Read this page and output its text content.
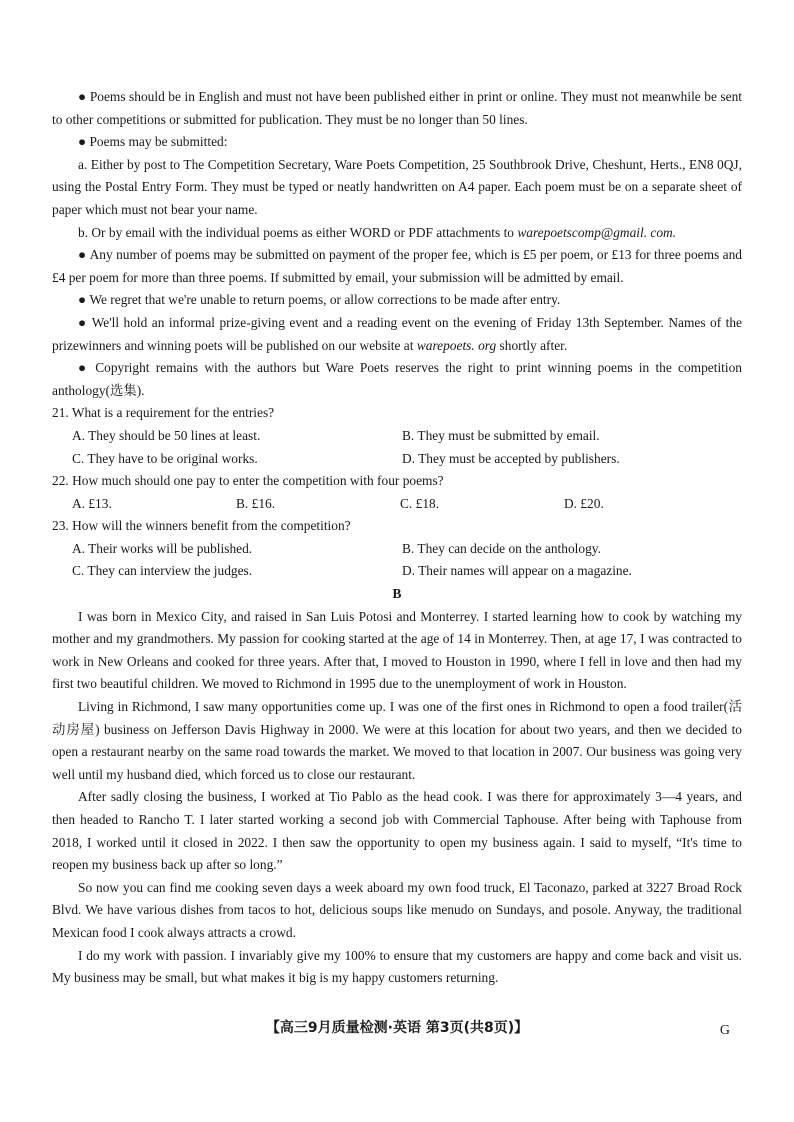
● Poems should be in English and must not have been published either in print or online. They must not meanwhile be sent to other competitions or submitted for publication. They must be no longer than 50 lines.

● Poems may be submitted:

a. Either by post to The Competition Secretary, Ware Poets Competition, 25 Southbrook Drive, Cheshunt, Herts., EN8 0QJ, using the Postal Entry Form. They must be typed or neatly handwritten on A4 paper. Each poem must be on a separate sheet of paper which must not bear your name.

b. Or by email with the individual poems as either WORD or PDF attachments to warepoetscomp@gmail. com.

● Any number of poems may be submitted on payment of the proper fee, which is £5 per poem, or £13 for three poems and £4 per poem for more than three poems. If submitted by email, your submission will be admitted by email.

● We regret that we're unable to return poems, or allow corrections to be made after entry.

● We'll hold an informal prize-giving event and a reading event on the evening of Friday 13th September. Names of the prizewinners and winning poets will be published on our website at warepoets. org shortly after.

● Copyright remains with the authors but Ware Poets reserves the right to print winning poems in the competition anthology(选集).

21. What is a requirement for the entries?

A. They should be 50 lines at least.	B. They must be submitted by email.
C. They have to be original works.	D. They must be accepted by publishers.

22. How much should one pay to enter the competition with four poems?

A. £13.	B. £16.	C. £18.	D. £20.

23. How will the winners benefit from the competition?

A. Their works will be published.	B. They can decide on the anthology.
C. They can interview the judges.	D. Their names will appear on a magazine.

B

I was born in Mexico City, and raised in San Luis Potosi and Monterrey. I started learning how to cook by watching my mother and my grandmothers. My passion for cooking started at the age of 14 in Monterrey. Then, at age 17, I was contracted to work in New Orleans and cooked for three years. After that, I moved to Houston in 1990, where I fell in love and then had my first two beautiful children. We moved to Richmond in 1995 due to the unemployment of work in Houston.

Living in Richmond, I saw many opportunities come up. I was one of the first ones in Richmond to open a food trailer(活动房屋) business on Jefferson Davis Highway in 2000. We were at this location for about two years, and then we decided to open a restaurant nearby on the same road towards the market. We moved to that location in 2007. Our business was going very well until my husband died, which forced us to close our restaurant.

After sadly closing the business, I worked at Tio Pablo as the head cook. I was there for approximately 3—4 years, and then headed to Rancho T. I later started working a second job with Commercial Taphouse. After being with Taphouse from 2018, I worked until it closed in 2022. I then saw the opportunity to open my business again. I said to myself, “It's time to reopen my business back up after so long.”

So now you can find me cooking seven days a week aboard my own food truck, El Taconazo, parked at 3227 Broad Rock Blvd. We have various dishes from tacos to hot, delicious soups like menudo on Sundays, and posole. Anyway, the traditional Mexican food I cook always attracts a crowd.

I do my work with passion. I invariably give my 100% to ensure that my customers are happy and come back and visit us. My business may be small, but what makes it big is my happy customers returning.

【高三9月质量检测·英语 第3页(共8页)】	G
